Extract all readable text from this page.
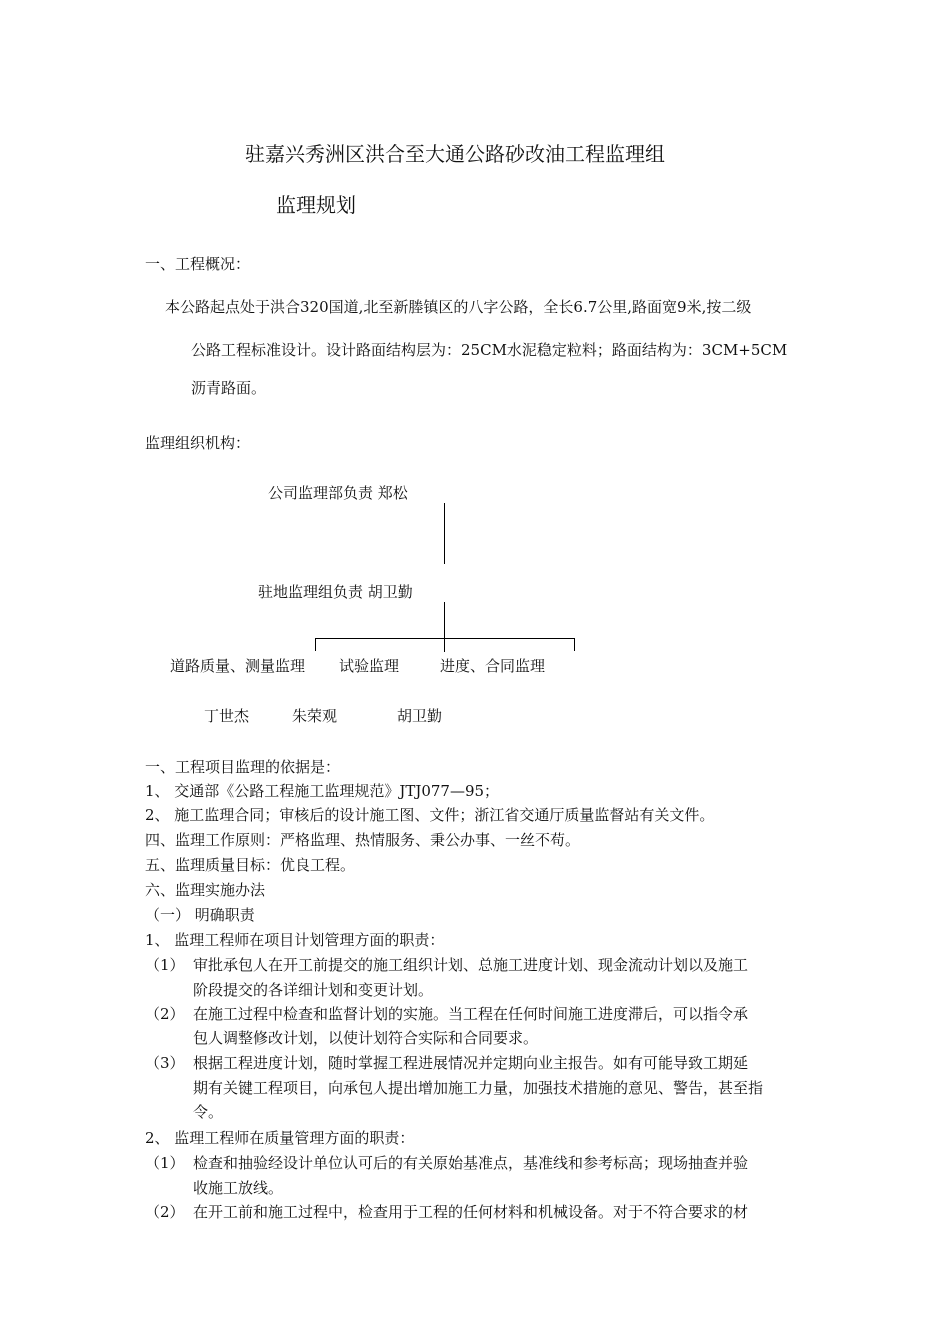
驻嘉兴秀洲区洪合至大通公路砂改油工程监理组
监理规划
一、工程概况：
本公路起点处于洪合320国道,北至新塍镇区的八字公路，全长6.7公里,路面宽9米,按二级
公路工程标准设计。设计路面结构层为：25CM水泥稳定粒料；路面结构为：3CM+5CM
沥青路面。
监理组织机构：
公司监理部负责 郑松
驻地监理组负责 胡卫勤
道路质量、测量监理 试验监理	进度、合同监理
丁世杰	朱荣观	胡卫勤
一、工程项目监理的依据是：
1、 交通部《公路工程施工监理规范》JTJ077—95；
2、 施工监理合同；审核后的设计施工图、文件；浙江省交通厅质量监督站有关文件。
四、监理工作原则：严格监理、热情服务、秉公办事、一丝不苟。
五、监理质量目标：优良工程。
六、监理实施办法
（一） 明确职责
1、 监理工程师在项目计划管理方面的职责：
（1） 审批承包人在开工前提交的施工组织计划、总施工进度计划、现金流动计划以及施工
阶段提交的各详细计划和变更计划。
（2） 在施工过程中检查和监督计划的实施。当工程在任何时间施工进度滞后，可以指令承
包人调整修改计划，以使计划符合实际和合同要求。
（3） 根据工程进度计划，随时掌握工程进展情况并定期向业主报告。如有可能导致工期延
期有关键工程项目，向承包人提出增加施工力量，加强技术措施的意见、警告，甚至指
令。
2、 监理工程师在质量管理方面的职责：
（1） 检查和抽验经设计单位认可后的有关原始基准点，基准线和参考标高；现场抽查并验
收施工放线。
（2） 在开工前和施工过程中，检查用于工程的任何材料和机械设备。对于不符合要求的材
